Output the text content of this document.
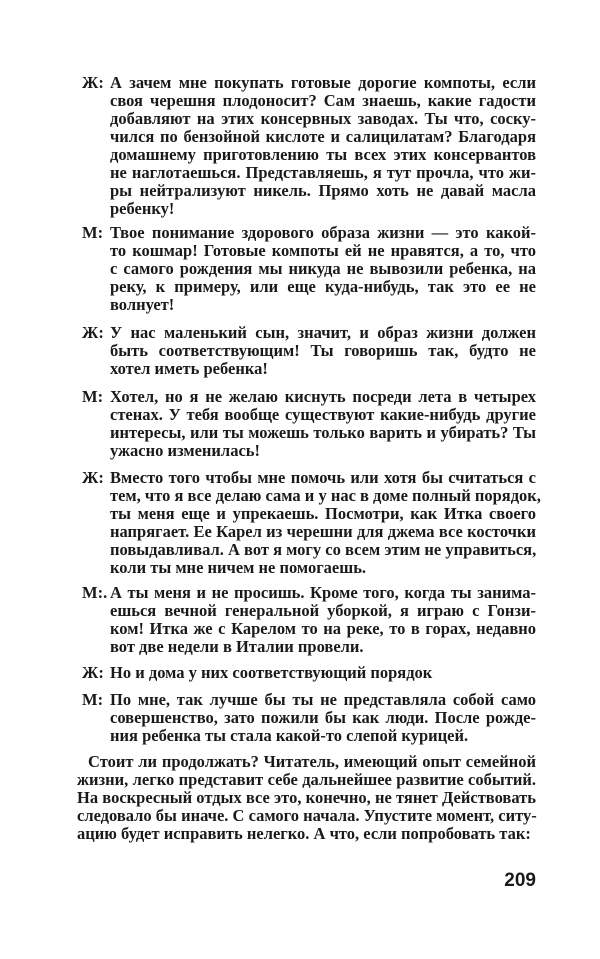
Ж: А зачем мне покупать готовые дорогие компоты, если
своя черешня плодоносит? Сам знаешь, какие гадости
добавляют на этих консервных заводах. Ты что, соску-
чился по бензойной кислоте и салицилатам? Благодаря
домашнему приготовлению ты всех этих консервантов
не наглотаешься. Представляешь, я тут прочла, что жи-
ры нейтрализуют никель. Прямо хоть не давай масла
ребенку!
М: Твое понимание здорового образа жизни — это какой-
то кошмар! Готовые компоты ей не нравятся, а то, что
с самого рождения мы никуда не вывозили ребенка, на
реку, к примеру, или еще куда-нибудь, так это ее не
волнует!
Ж: У нас маленький сын, значит, и образ жизни должен
быть соответствующим! Ты говоришь так, будто не
хотел иметь ребенка!
М: Хотел, но я не желаю киснуть посреди лета в четырех
стенах. У тебя вообще существуют какие-нибудь другие
интересы, или ты можешь только варить и убирать? Ты
ужасно изменилась!
Ж: Вместо того чтобы мне помочь или хотя бы считаться с
тем, что я все делаю сама и у нас в доме полный порядок,
ты меня еще и упрекаешь. Посмотри, как Итка своего
напрягает. Ее Карел из черешни для джема все косточки
повыдавливал. А вот я могу со всем этим не управиться,
коли ты мне ничем не помогаешь.
М:. А ты меня и не просишь. Кроме того, когда ты занима-
ешься вечной генеральной уборкой, я играю с Гонзи-
ком! Итка же с Карелом то на реке, то в горах, недавно
вот две недели в Италии провели.
Ж: Но и дома у них соответствующий порядок
М: По мне, так лучше бы ты не представляла собой само
совершенство, зато пожили бы как люди. После рожде-
ния ребенка ты стала какой-то слепой курицей.
Стоит ли продолжать? Читатель, имеющий опыт семейной
жизни, легко представит себе дальнейшее развитие событий.
На воскресный отдых все это, конечно, не тянет Действовать
следовало бы иначе. С самого начала. Упустите момент, ситу-
ацию будет исправить нелегко. А что, если попробовать так:
209
